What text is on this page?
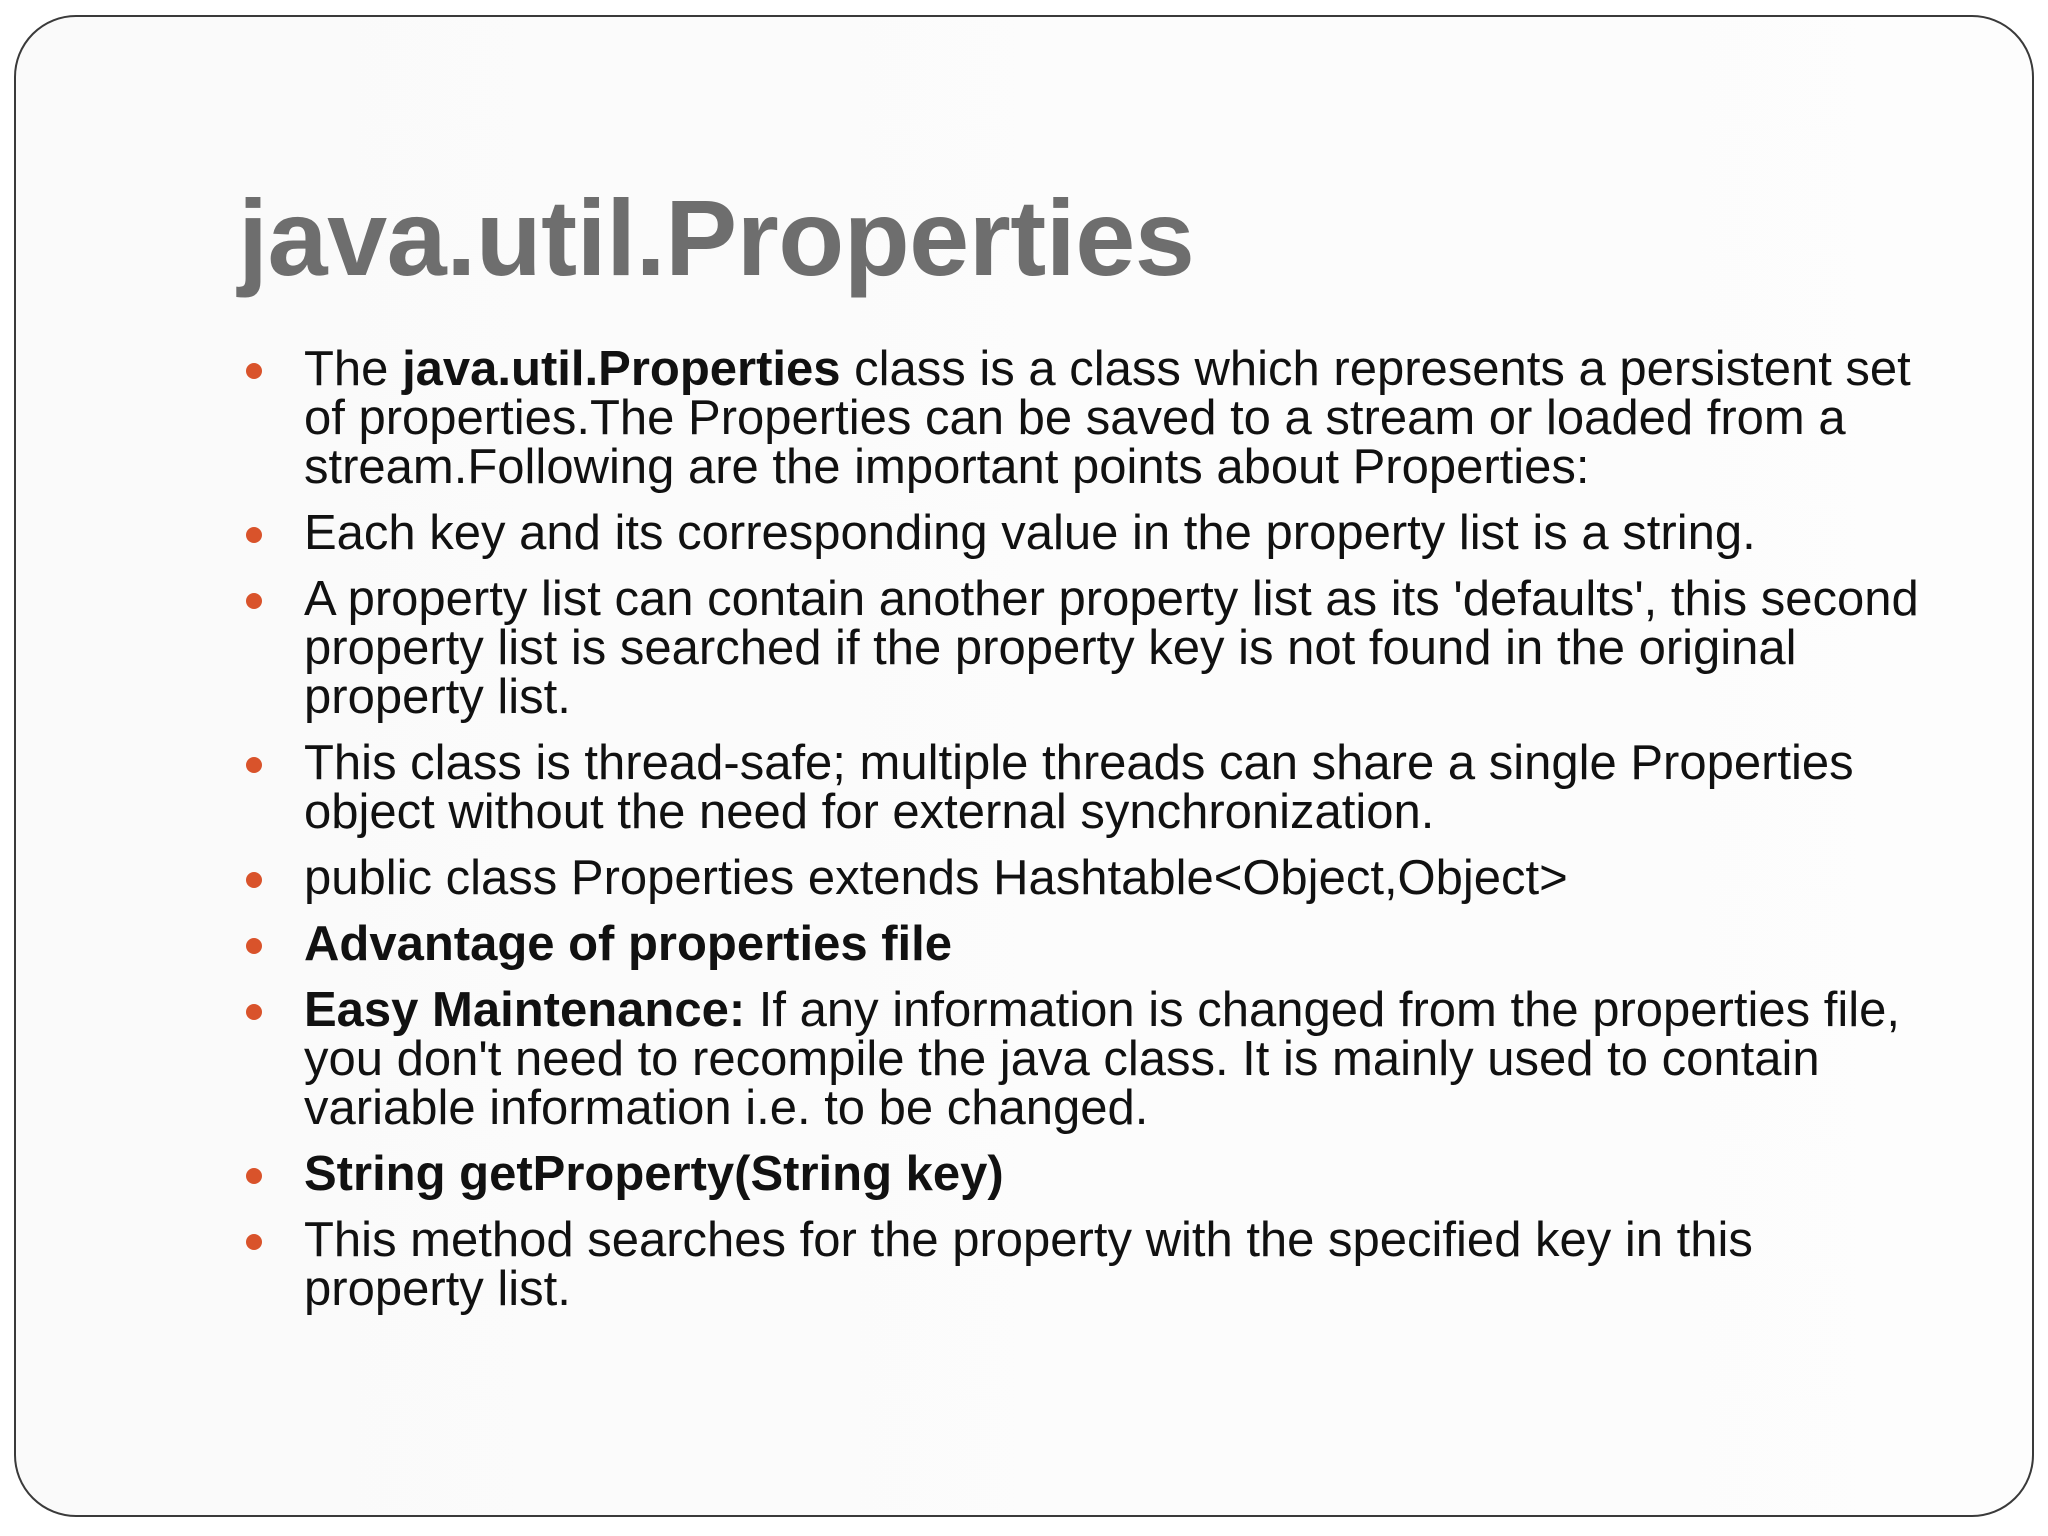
java.util.Properties
The java.util.Properties class is a class which represents a persistent set of properties.The Properties can be saved to a stream or loaded from a stream.Following are the important points about Properties:
Each key and its corresponding value in the property list is a string.
A property list can contain another property list as its 'defaults', this second property list is searched if the property key is not found in the original property list.
This class is thread-safe; multiple threads can share a single Properties object without the need for external synchronization.
public class Properties extends Hashtable<Object,Object>
Advantage of properties file
Easy Maintenance: If any information is changed from the properties file, you don't need to recompile the java class. It is mainly used to contain variable information i.e. to be changed.
String getProperty(String key)
This method searches for the property with the specified key in this property list.
